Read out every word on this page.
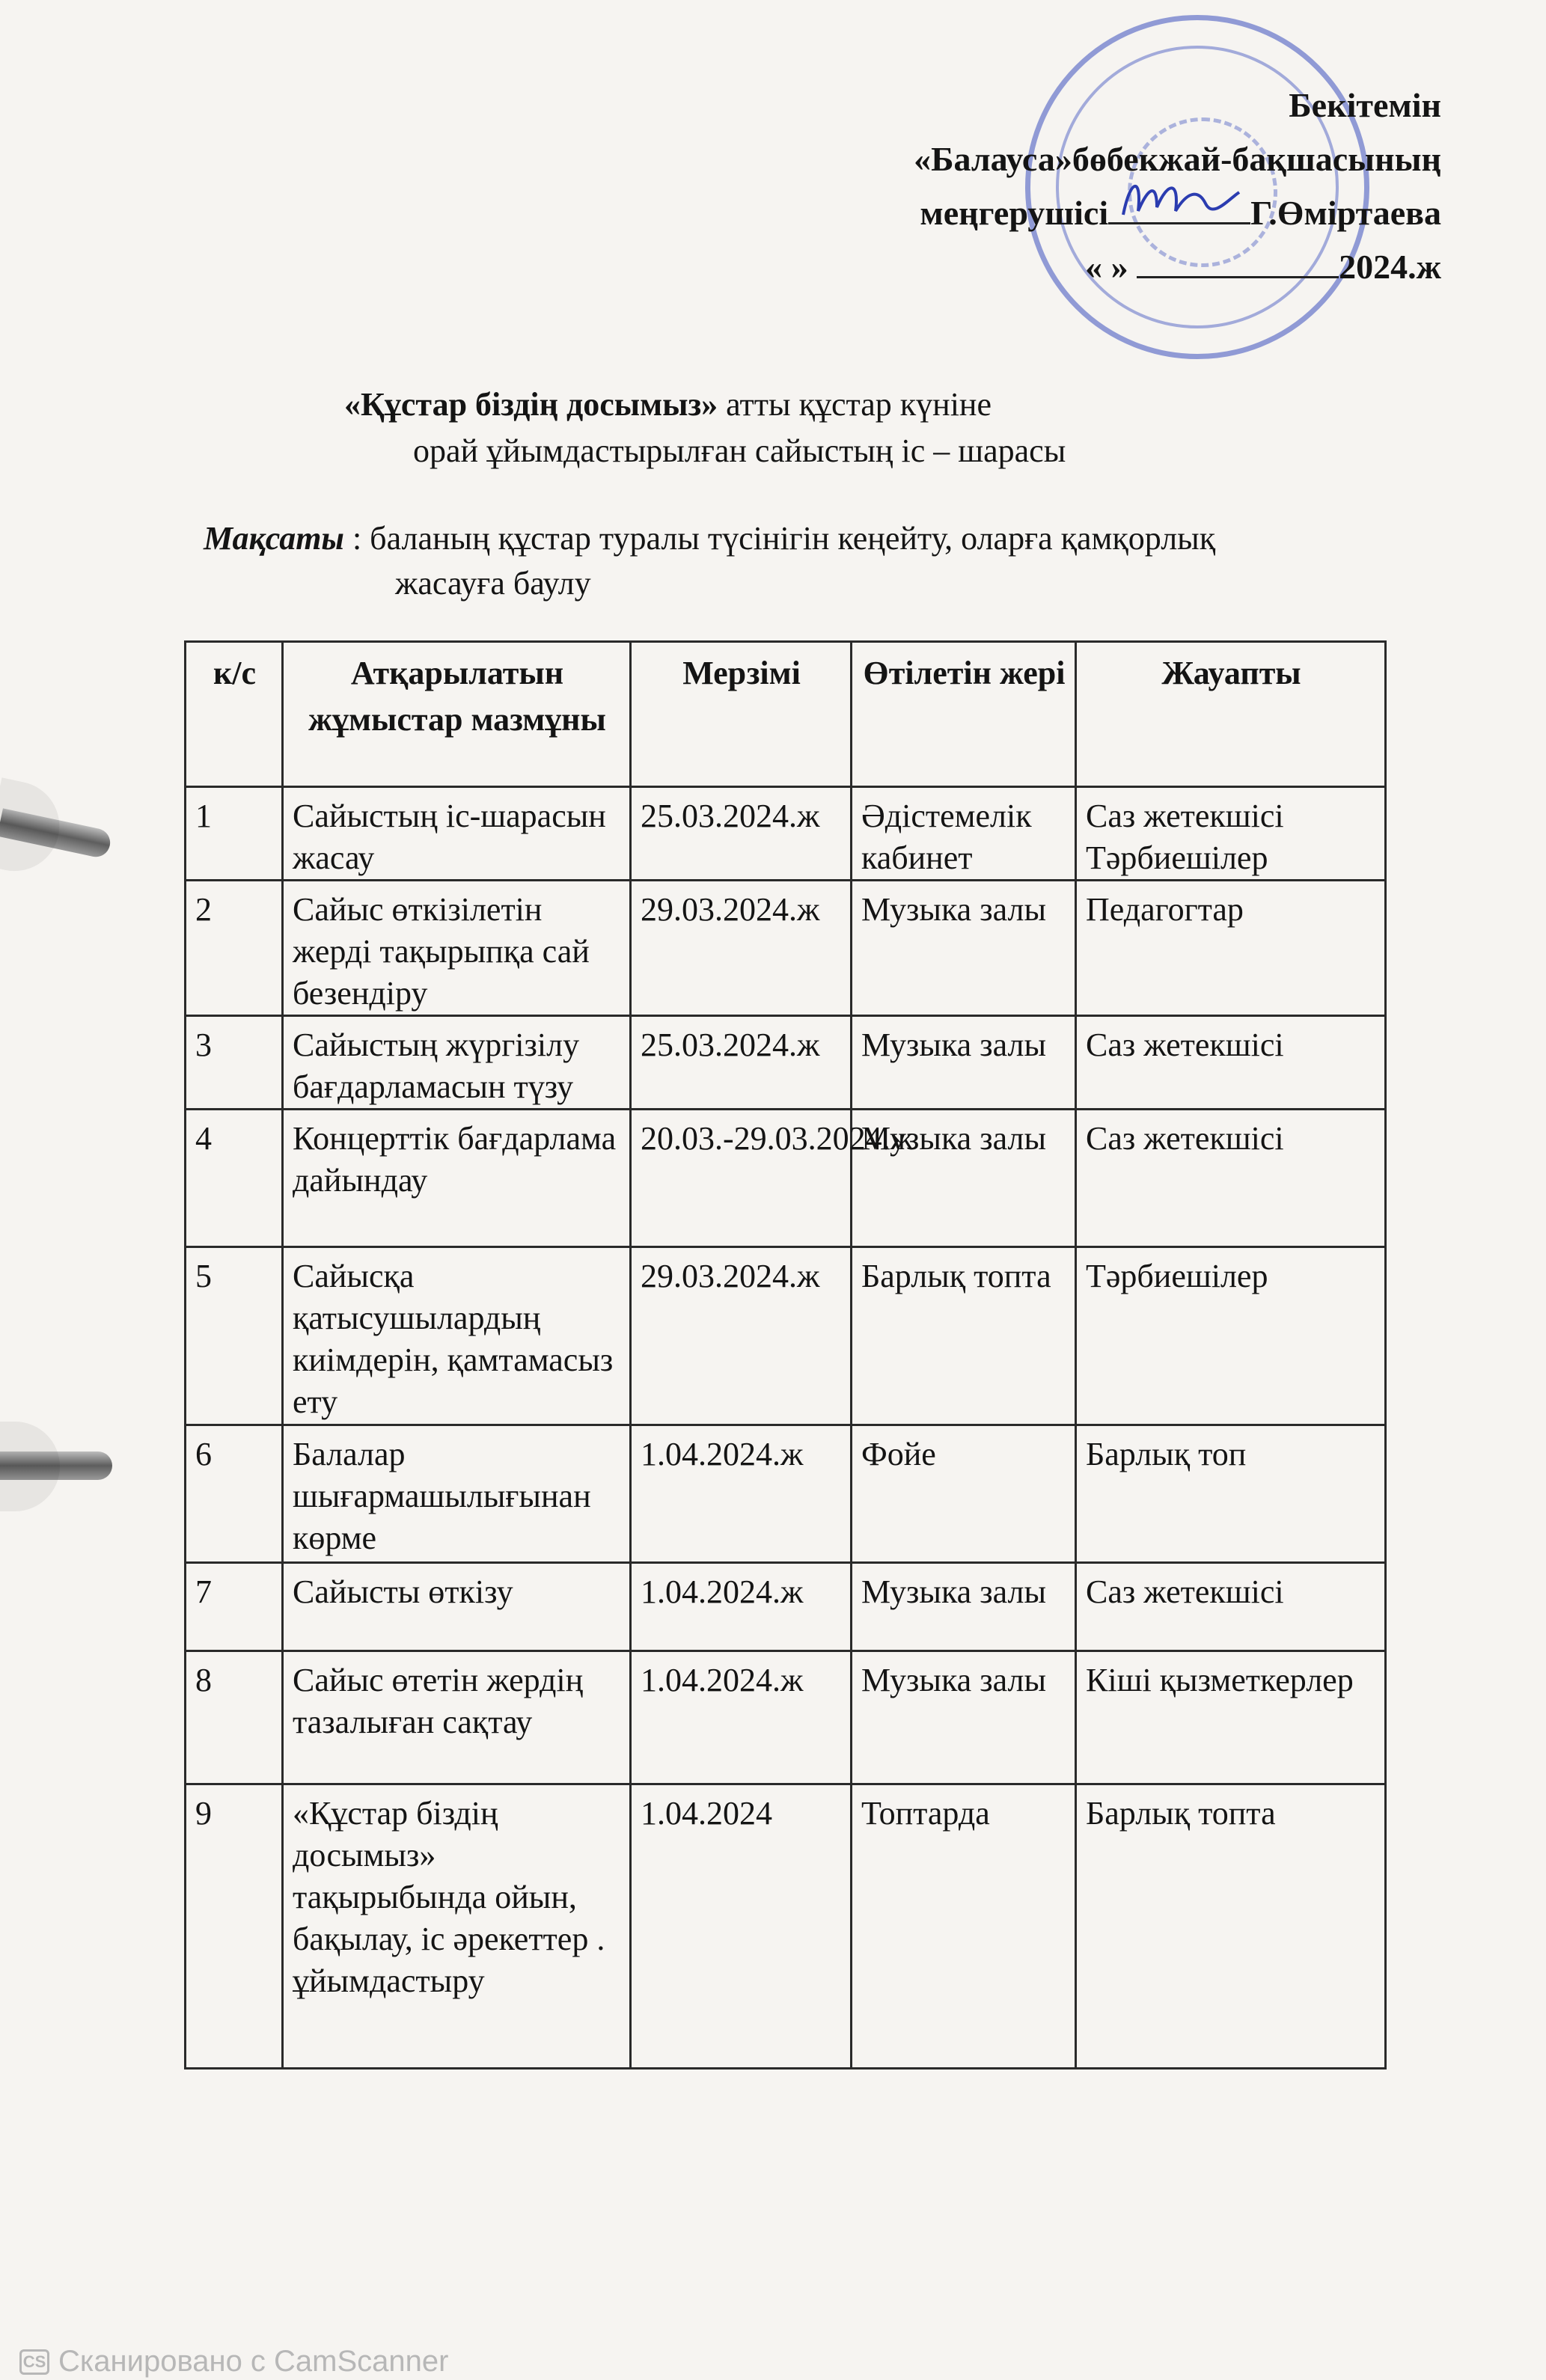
Бекітемін
«Балауса»бөбекжай-бақшасының
меңгерушісі	Г.Өміртаева
« »	2024.ж
«Құстар біздің досымыз» атты құстар күніне
орай ұйымдастырылған сайыстың іс – шарасы
Мақсаты : баланың құстар туралы түсінігін кеңейту, оларға қамқорлық
жасауға баулу
к/с	Атқарылатын жұмыстар мазмұны	Мерзімі	Өтілетін жері	Жауапты
1	Сайыстың іс-шарасын жасау	25.03.2024.ж	Әдістемелік кабинет	Саз жетекшісі Тәрбиешілер
2	Сайыс өткізілетін жерді тақырыпқа сай безендіру	29.03.2024.ж	Музыка залы	Педагогтар
3	Сайыстың жүргізілу бағдарламасын түзу	25.03.2024.ж	Музыка залы	Саз жетекшісі
4	Концерттік бағдарлама дайындау	20.03.-29.03.2024.ж	Музыка залы	Саз жетекшісі
5	Сайысқа қатысушылардың киімдерін, қамтамасыз ету	29.03.2024.ж	Барлық топта	Тәрбиешілер
6	Балалар шығармашылығынан көрме	1.04.2024.ж	Фойе	Барлық топ
7	Сайысты өткізу	1.04.2024.ж	Музыка залы	Саз жетекшісі
8	Сайыс өтетін жердің тазалыған сақтау	1.04.2024.ж	Музыка залы	Кіші қызметкерлер
9	«Құстар біздің досымыз» тақырыбында ойын, бақылау, іс әрекеттер . ұйымдастыру	1.04.2024	Топтарда	Барлық топта
CS Сканировано с CamScanner
